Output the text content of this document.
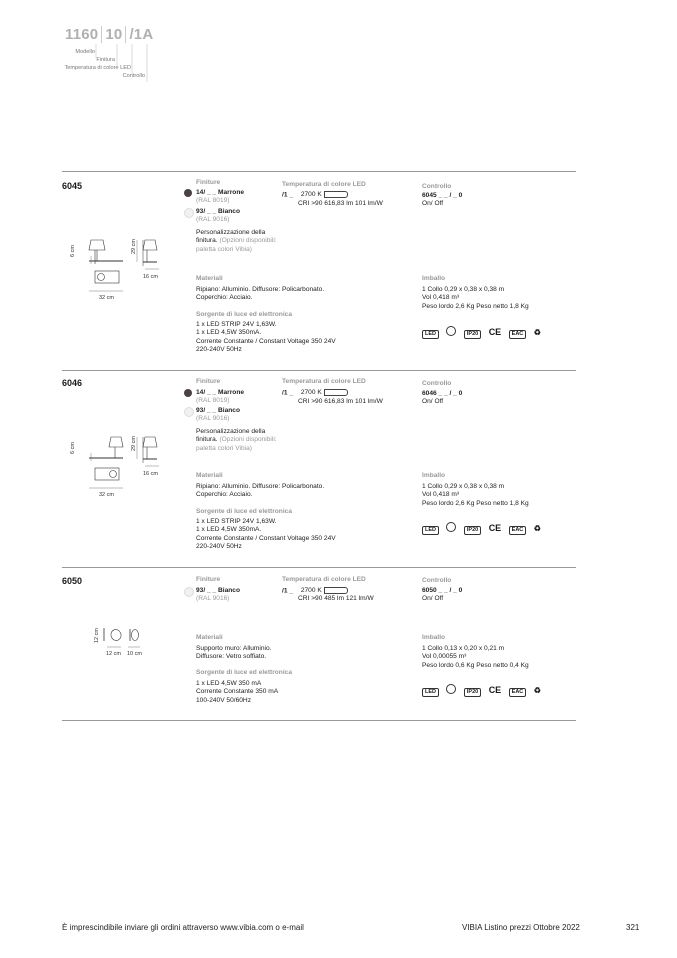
1160 10 /1A
Modello
Finitura
Temperatura di colore LED
Controllo
6045	Finiture
14/ _ _ Marrone
(RAL 8019)
93/ _ _ Bianco
(RAL 9016)
Personalizzazione della
finitura. (Opzioni disponibili:
paletta colori Vibia)
Temperatura di colore LED
/1 _ 2700 K
CRI >90 616,83 lm 101 lm/W
Controllo
6045 _ _ / _ 0
On/ Off
Materiali
Ripiano: Alluminio. Diffusore: Policarbonato.
Coperchio: Acciaio.
Sorgente di luce ed elettronica
1 x LED STRIP 24V 1,63W.
1 x LED 4,5W 350mA.
Corrente Constante / Constant Voltage 350 24V
220-240V 50Hz
Imballo
1 Collo 0,29 x 0,38 x 0,38 m
Vol 0,418 m³
Peso lordo 2,6 Kg Peso netto 1,8 Kg
LED	IP20 CE EAC ♻
6 cm	29 cm
16 cm
32 cm
6046	Finiture
14/ _ _ Marrone
(RAL 8019)
93/ _ _ Bianco
(RAL 9016)
Personalizzazione della
finitura. (Opzioni disponibili:
paletta colori Vibia)
Temperatura di colore LED
/1 _ 2700 K
CRI >90 616,83 lm 101 lm/W
Controllo
6046 _ _ / _ 0
On/ Off
Materiali
Ripiano: Alluminio. Diffusore: Policarbonato.
Coperchio: Acciaio.
Sorgente di luce ed elettronica
1 x LED STRIP 24V 1,63W.
1 x LED 4,5W 350mA.
Corrente Constante / Constant Voltage 350 24V
220-240V 50Hz
Imballo
1 Collo 0,29 x 0,38 x 0,38 m
Vol 0,418 m³
Peso lordo 2,6 Kg Peso netto 1,8 Kg
LED	IP20 CE EAC ♻
6 cm	29 cm
16 cm
32 cm
6050	Finiture
93/ _ _ Bianco
(RAL 9016)
Temperatura di colore LED
/1 _ 2700 K
CRI >90 485 lm 121 lm/W
Controllo
6050 _ _ / _ 0
On/ Off
Materiali
Supporto muro: Alluminio.
Diffusore: Vetro soffiato.
Sorgente di luce ed elettronica
1 x LED 4,5W 350 mA
Corrente Constante 350 mA
100-240V 50/60Hz
Imballo
1 Collo 0,13 x 0,20 x 0,21 m
Vol 0,00055 m³
Peso lordo 0,6 Kg Peso netto 0,4 Kg
LED	IP20 CE EAC ♻
12 cm
12 cm 10 cm
È imprescindibile inviare gli ordini attraverso www.vibia.com o e-mail	VIBIA Listino prezzi Ottobre 2022	321
